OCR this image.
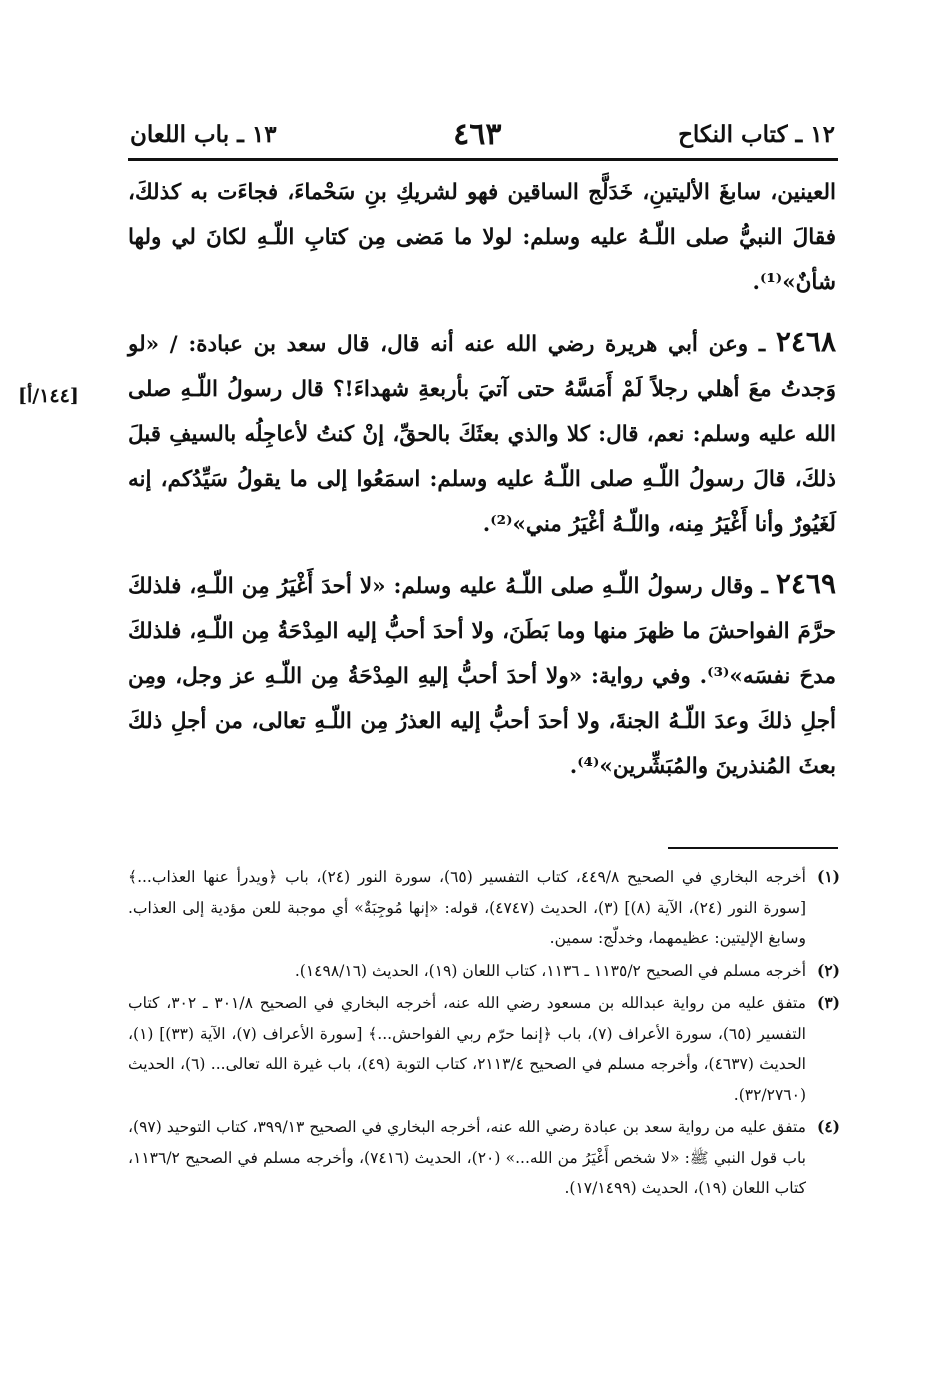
١٢ ـ كتاب النكاح
٤٦٣
١٣ ـ باب اللعان
[١٤٤/أ]

العينين، سابغَ الأليتينِ، خَدَلَّج الساقين فهو لشريكِ بنِ سَحْماءَ، فجاءَت به كذلكَ، فقالَ النبيُّ صلى اللّـهُ عليه وسلم: لولا ما مَضى مِن كتابِ اللّـهِ لكانَ لي ولها شأنٌ»⁽¹⁾.

٢٤٦٨ ـ وعن أبي هريرة رضي الله عنه أنه قال، قال سعد بن عبادة: / «لو وَجدتُ معَ أهلي رجلاً لَمْ أَمَسَّهُ حتى آتيَ بأربعةِ شهداءَ!؟ قال رسولُ اللّـهِ صلى الله عليه وسلم: نعم، قال: كلا والذي بعثَكَ بالحقِّ، إنْ كنتُ لأعاجِلُه بالسيفِ قبلَ ذلكَ، قالَ رسولُ اللّـهِ صلى اللّـهُ عليه وسلم: اسمَعُوا إلى ما يقولُ سَيِّدُكم، إنه لَغَيُورٌ وأنا أَغْيَرُ مِنه، واللّـهُ أغْيَرُ مني»⁽²⁾.

٢٤٦٩ ـ وقال رسولُ اللّـهِ صلى اللّـهُ عليه وسلم: «لا أحدَ أَغْيَرُ مِن اللّـهِ، فلذلكَ حرَّمَ الفواحشَ ما ظهرَ منها وما بَطَنَ، ولا أحدَ أحبُّ إليه المِدْحَةُ مِن اللّـهِ، فلذلكَ مدحَ نفسَه»⁽³⁾. وفي رواية: «ولا أحدَ أحبُّ إليهِ المِدْحَةُ مِن اللّـهِ عز وجل، ومِن أجلِ ذلكَ وعدَ اللّـهُ الجنةَ، ولا أحدَ أحبُّ إليه العذرُ مِن اللّـهِ تعالى، من أجلِ ذلكَ بعثَ المُنذرينَ والمُبَشِّرين»⁽⁴⁾.

(١)
أخرجه البخاري في الصحيح ٤٤٩/٨، كتاب التفسير (٦٥)، سورة النور (٢٤)، باب ﴿ويدرأ عنها العذاب...﴾ [سورة النور (٢٤)، الآية (٨)] (٣)، الحديث (٤٧٤٧)، قوله: «إنها مُوجِبَةٌ» أي موجبة للعن مؤدية إلى العذاب. وسابغ الإليتين: عظيمهما، وخدلّج: سمين.
(٢)
أخرجه مسلم في الصحيح ١١٣٥/٢ ـ ١١٣٦، كتاب اللعان (١٩)، الحديث (١٤٩٨/١٦).
(٣)
متفق عليه من رواية عبدالله بن مسعود رضي الله عنه، أخرجه البخاري في الصحيح ٣٠١/٨ ـ ٣٠٢، كتاب التفسير (٦٥)، سورة الأعراف (٧)، باب ﴿إنما حرّم ربي الفواحش...﴾ [سورة الأعراف (٧)، الآية (٣٣)] (١)، الحديث (٤٦٣٧)، وأخرجه مسلم في الصحيح ٢١١٣/٤، كتاب التوبة (٤٩)، باب غيرة الله تعالى... (٦)، الحديث (٣٢/٢٧٦٠).
(٤)
متفق عليه من رواية سعد بن عبادة رضي الله عنه، أخرجه البخاري في الصحيح ٣٩٩/١٣، كتاب التوحيد (٩٧)، باب قول النبي ﷺ: «لا شخص أَغْيَرُ من الله...» (٢٠)، الحديث (٧٤١٦)، وأخرجه مسلم في الصحيح ١١٣٦/٢، كتاب اللعان (١٩)، الحديث (١٧/١٤٩٩).
